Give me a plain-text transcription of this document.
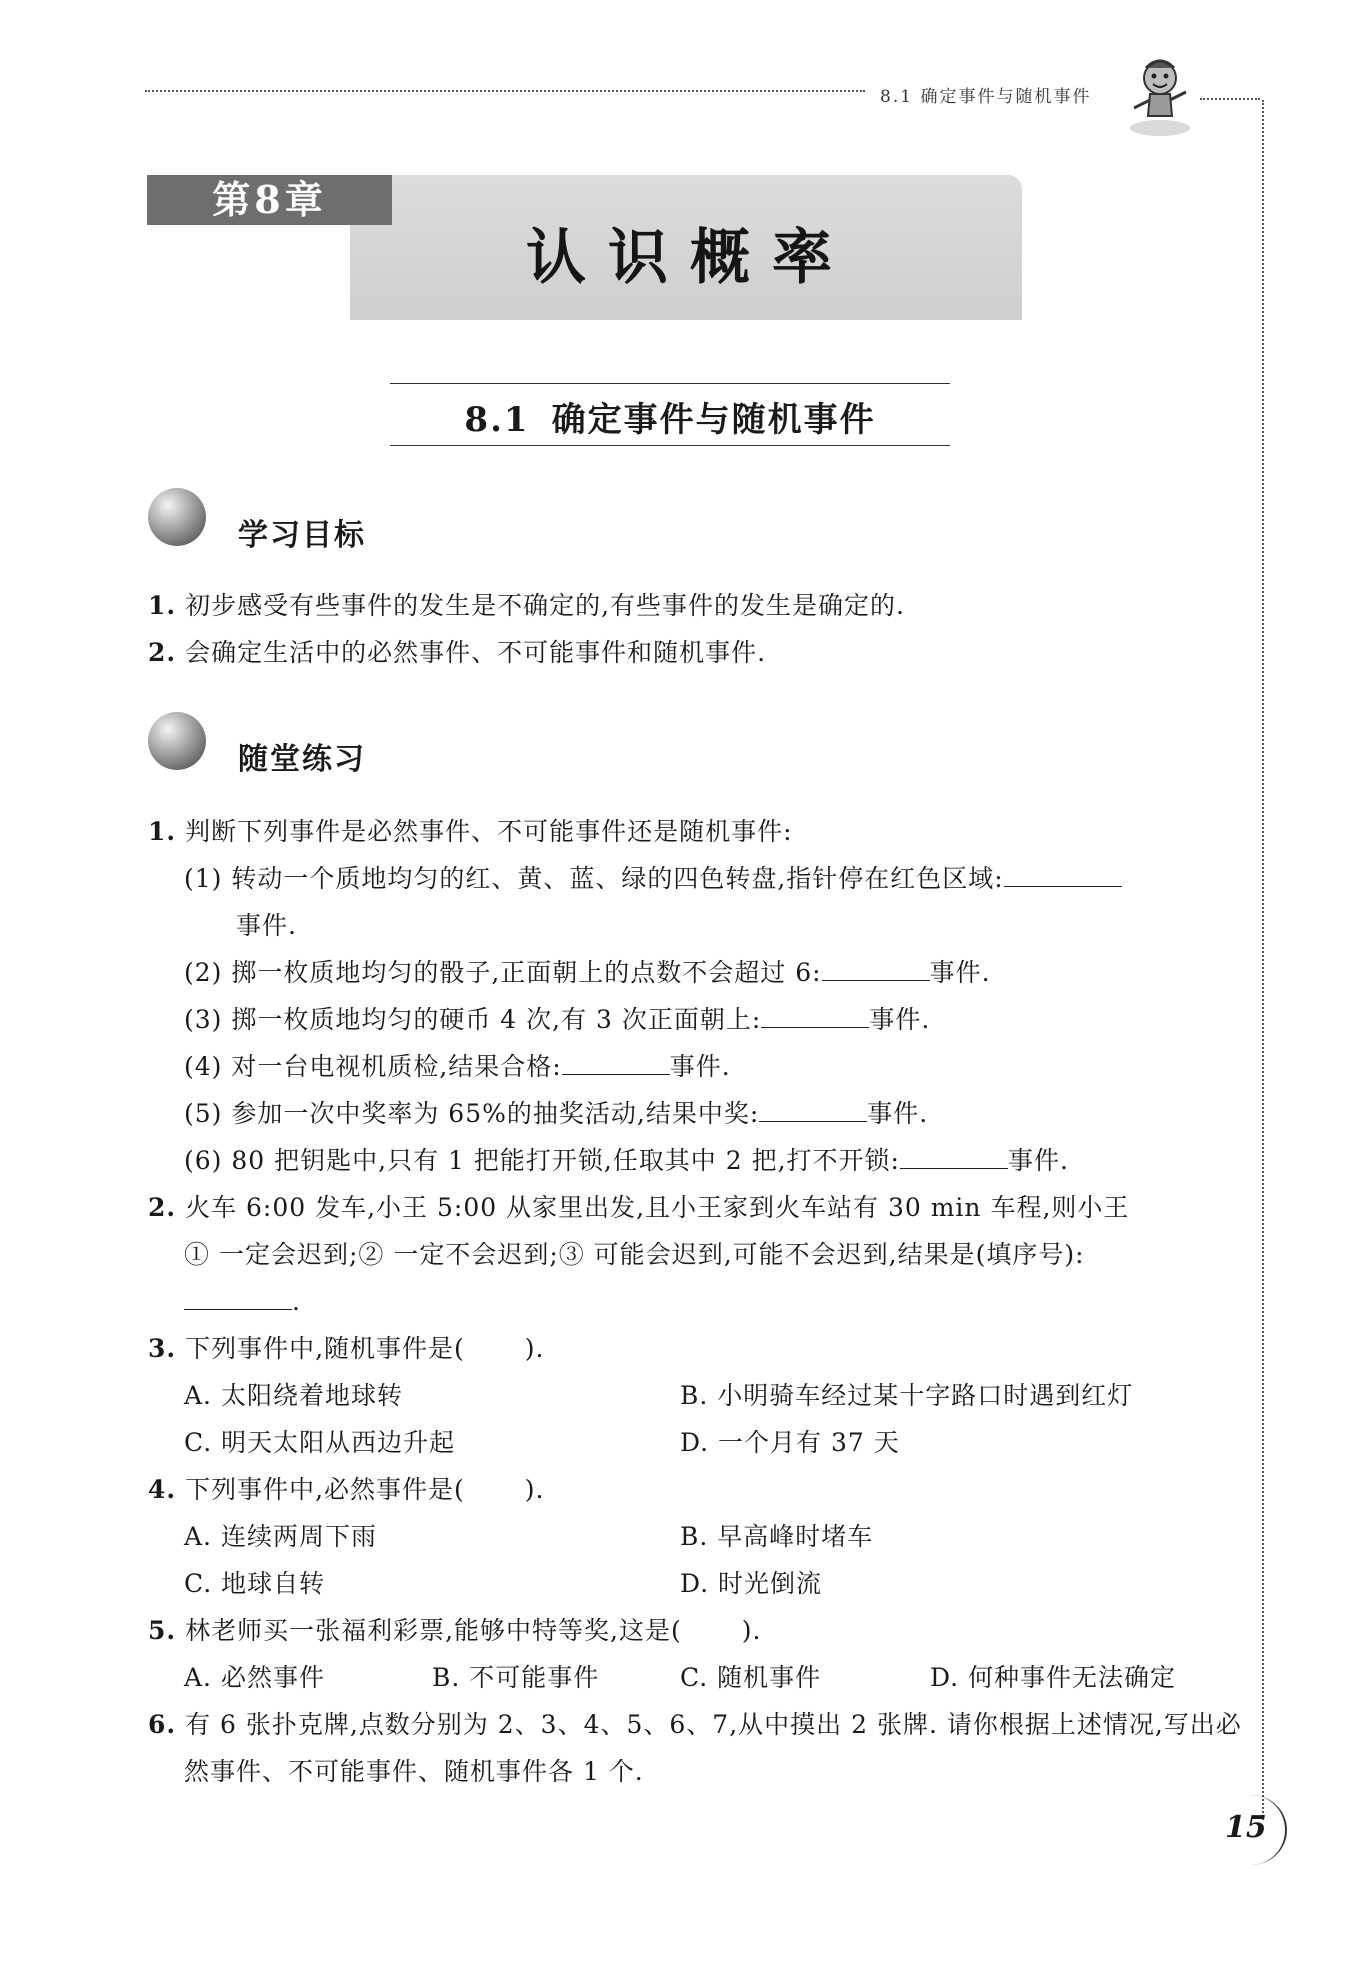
8.1 确定事件与随机事件
第8章
认识概率
8.1 确定事件与随机事件
学习目标
1. 初步感受有些事件的发生是不确定的,有些事件的发生是确定的.
2. 会确定生活中的必然事件、不可能事件和随机事件.
随堂练习
1. 判断下列事件是必然事件、不可能事件还是随机事件:
(1) 转动一个质地均匀的红、黄、蓝、绿的四色转盘,指针停在红色区域:
事件.
(2) 掷一枚质地均匀的骰子,正面朝上的点数不会超过 6:	事件.
(3) 掷一枚质地均匀的硬币 4 次,有 3 次正面朝上:	事件.
(4) 对一台电视机质检,结果合格:	事件.
(5) 参加一次中奖率为 65%的抽奖活动,结果中奖:	事件.
(6) 80 把钥匙中,只有 1 把能打开锁,任取其中 2 把,打不开锁:	事件.
2. 火车 6:00 发车,小王 5:00 从家里出发,且小王家到火车站有 30 min 车程,则小王
① 一定会迟到;② 一定不会迟到;③ 可能会迟到,可能不会迟到,结果是(填序号):
.
3. 下列事件中,随机事件是( ).
A. 太阳绕着地球转	B. 小明骑车经过某十字路口时遇到红灯
C. 明天太阳从西边升起	D. 一个月有 37 天
4. 下列事件中,必然事件是( ).
A. 连续两周下雨	B. 早高峰时堵车
C. 地球自转	D. 时光倒流
5. 林老师买一张福利彩票,能够中特等奖,这是( ).
A. 必然事件	B. 不可能事件	C. 随机事件	D. 何种事件无法确定
6. 有 6 张扑克牌,点数分别为 2、3、4、5、6、7,从中摸出 2 张牌. 请你根据上述情况,写出必
然事件、不可能事件、随机事件各 1 个.
15
